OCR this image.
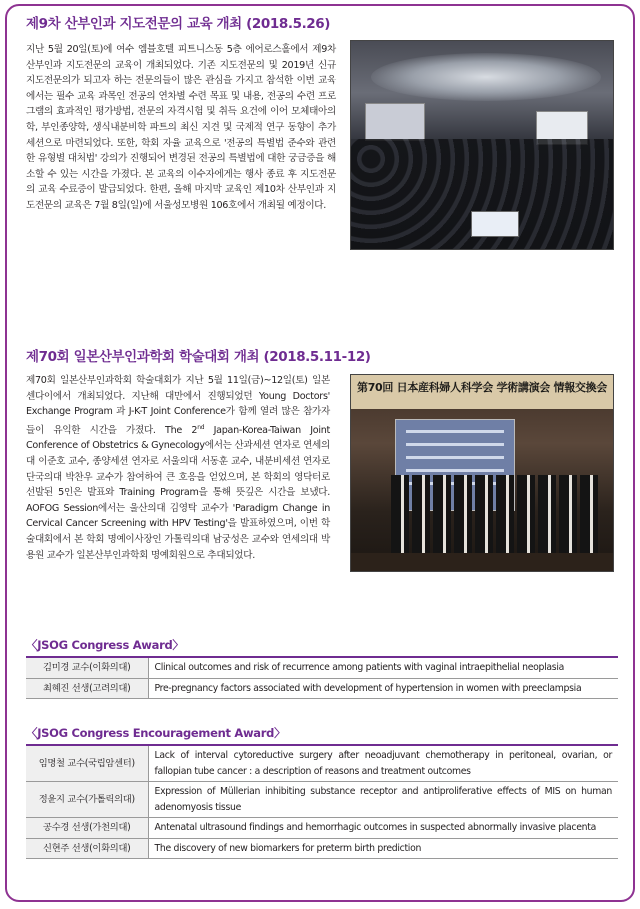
제9차 산부인과 지도전문의 교육 개최 (2018.5.26)

지난 5월 20일(토)에 여수 엠블호텔 피트니스동 5층 에어로스홀에서 제9차 산부인과 지도전문의 교육이 개최되었다. 기존 지도전문의 및 2019년 신규 지도전문의가 되고자 하는 전문의들이 많은 관심을 가지고 참석한 이번 교육에서는 필수 교육 과목인 전공의 연차별 수련 목표 및 내용, 전공의 수련 프로그램의 효과적인 평가방법, 전문의 자격시험 및 취득 요건에 이어 모체태아의학, 부인종양학, 생식내분비학 파트의 최신 지견 및 국제적 연구 동향이 추가 세션으로 마련되었다. 또한, 학회 자율 교육으로 '전공의 특별법 준수와 관련한 유형별 대처법' 강의가 진행되어 변경된 전공의 특별법에 대한 궁금증을 해소할 수 있는 시간을 가졌다. 본 교육의 이수자에게는 행사 종료 후 지도전문의 교육 수료증이 발급되었다. 한편, 올해 마지막 교육인 제10차 산부인과 지도전문의 교육은 7월 8일(일)에 서울성모병원 106호에서 개최될 예정이다.

제70회 일본산부인과학회 학술대회 개최 (2018.5.11-12)

제70회 일본산부인과학회 학술대회가 지난 5월 11일(금)~12일(토) 일본 센다이에서 개최되었다. 지난해 대만에서 진행되었던 Young Doctors' Exchange Program 과 J-K-T Joint Conference가 함께 열려 많은 참가자들이 유익한 시간을 가졌다. The 2nd Japan-Korea-Taiwan Joint Conference of Obstetrics & Gynecology에서는 산과세션 연자로 연세의대 이준호 교수, 종양세션 연자로 서울의대 서동훈 교수, 내분비세션 연자로 단국의대 박찬우 교수가 참여하여 큰 호응을 얻었으며, 본 학회의 영닥터로 선발된 5인은 발표와 Training Program을 통해 뜻깊은 시간을 보냈다. AOFOG Session에서는 울산의대 김영탁 교수가 'Paradigm Change in Cervical Cancer Screening with HPV Testing'을 발표하였으며, 이번 학술대회에서 본 학회 명예이사장인 가톨릭의대 남궁성은 교수와 연세의대 박용원 교수가 일본산부인과학회 명예회원으로 추대되었다.

第70回 日本産科婦人科学会 学術講演会 情報交換会
〈JSOG Congress Award〉
김미경 교수(이화의대)	Clinical outcomes and risk of recurrence among patients with vaginal intraepithelial neoplasia
최혜진 선생(고려의대)	Pre-pregnancy factors associated with development of hypertension in women with preeclampsia
〈JSOG Congress Encouragement Award〉
임명철 교수(국립암센터)	Lack of interval cytoreductive surgery after neoadjuvant chemotherapy in peritoneal, ovarian, or fallopian tube cancer : a description of reasons and treatment outcomes
정윤지 교수(가톨릭의대)	Expression of Müllerian inhibiting substance receptor and antiproliferative effects of MIS on human adenomyosis tissue
공수경 선생(가천의대)	Antenatal ultrasound findings and hemorrhagic outcomes in suspected abnormally invasive placenta
신현주 선생(이화의대)	The discovery of new biomarkers for preterm birth prediction
